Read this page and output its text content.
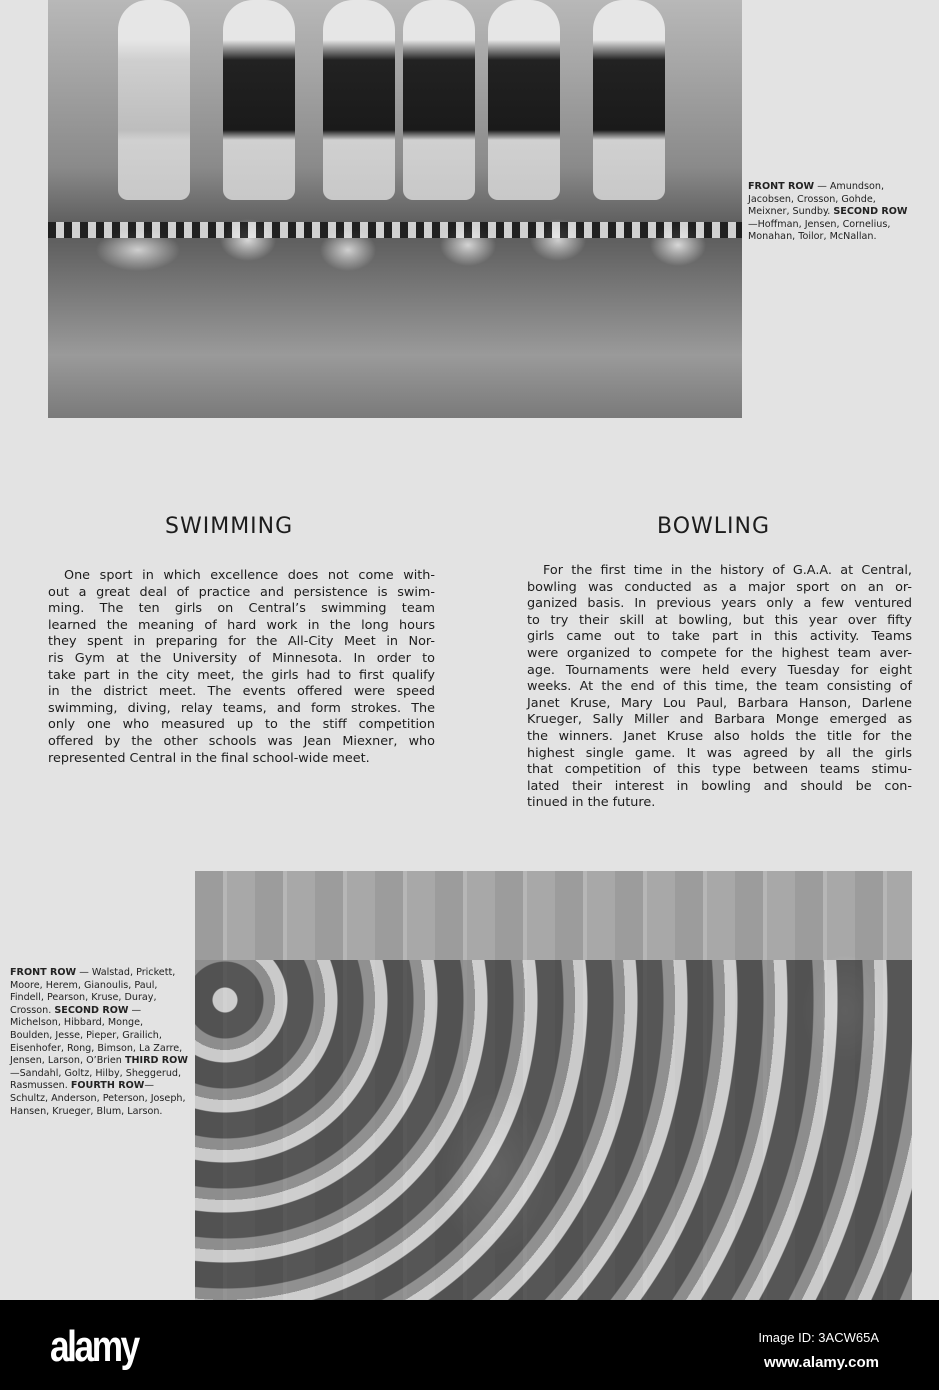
FRONT ROW — Amundson, Jacobsen, Crosson, Gohde, Meixner, Sundby. SECOND ROW—Hoffman, Jensen, Cornelius, Monahan, Toilor, McNallan.
SWIMMING	BOWLING
One sport in which excellence does not come with-
out a great deal of practice and persistence is swim-
ming. The ten girls on Central’s swimming team
learned the meaning of hard work in the long hours
they spent in preparing for the All-City Meet in Nor-
ris Gym at the University of Minnesota. In order to
take part in the city meet, the girls had to first qualify
in the district meet. The events offered were speed
swimming, diving, relay teams, and form strokes. The
only one who measured up to the stiff competition
offered by the other schools was Jean Miexner, who
represented Central in the final school-wide meet.
For the first time in the history of G.A.A. at Central,
bowling was conducted as a major sport on an or-
ganized basis. In previous years only a few ventured
to try their skill at bowling, but this year over fifty
girls came out to take part in this activity. Teams
were organized to compete for the highest team aver-
age. Tournaments were held every Tuesday for eight
weeks. At the end of this time, the team consisting of
Janet Kruse, Mary Lou Paul, Barbara Hanson, Darlene
Krueger, Sally Miller and Barbara Monge emerged as
the winners. Janet Kruse also holds the title for the
highest single game. It was agreed by all the girls
that competition of this type between teams stimu-
lated their interest in bowling and should be con-
tinued in the future.
FRONT ROW — Walstad, Prickett, Moore, Herem, Gianoulis, Paul, Findell, Pearson, Kruse, Duray, Crosson. SECOND ROW — Michelson, Hibbard, Monge, Boulden, Jesse, Pieper, Grailich, Eisenhofer, Rong, Bimson, La Zarre, Jensen, Larson, O’Brien THIRD ROW—Sandahl, Goltz, Hilby, Sheggerud, Rasmussen. FOURTH ROW—Schultz, Anderson, Peterson, Joseph, Hansen, Krueger, Blum, Larson.
alamy	Image ID: 3ACW65A
www.alamy.com
